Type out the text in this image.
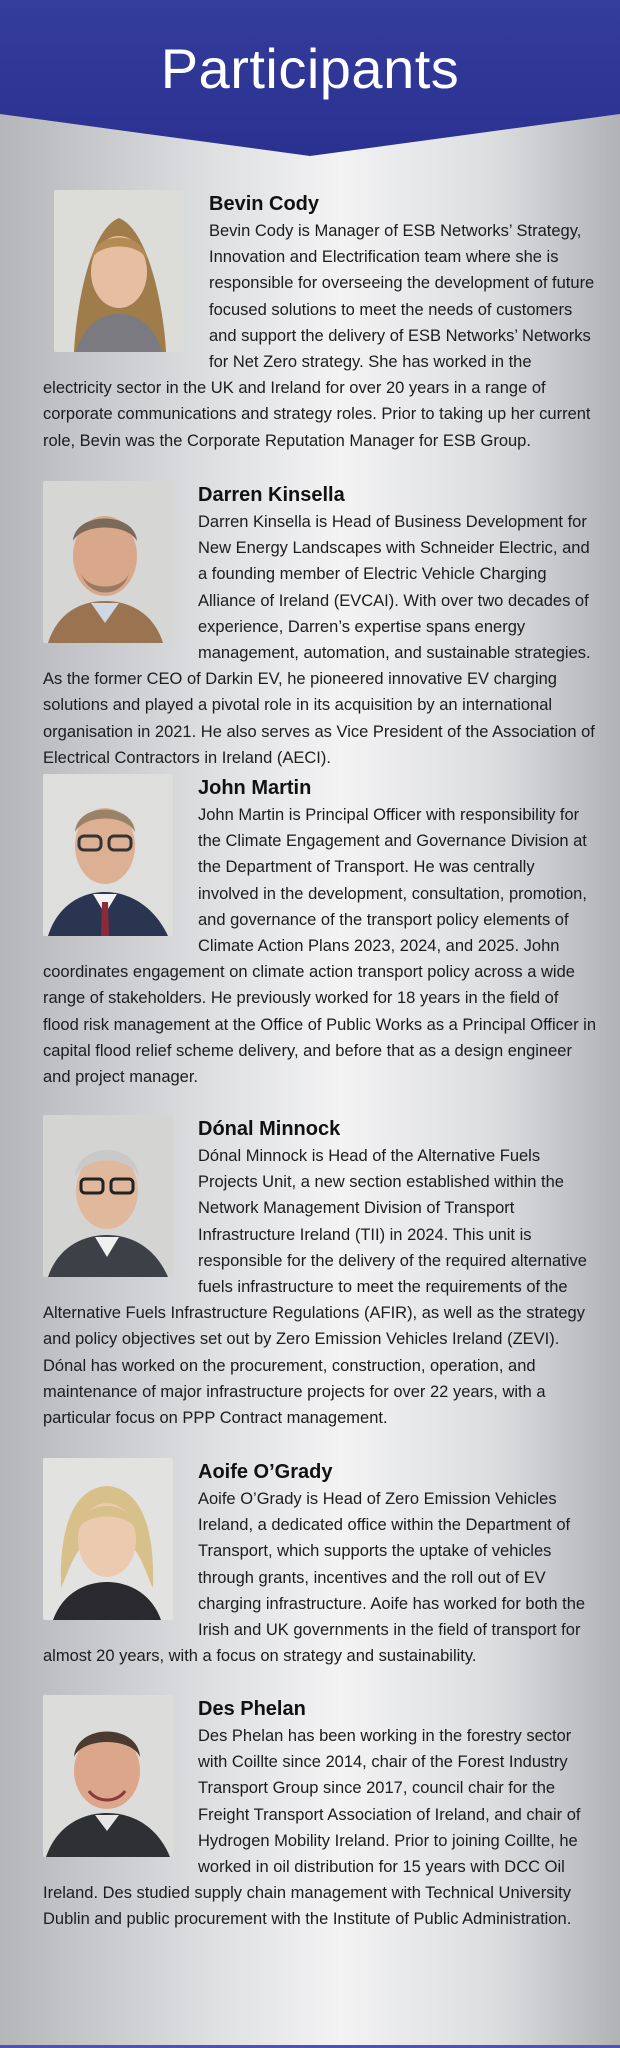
Participants
Bevin Cody
Bevin Cody is Manager of ESB Networks’ Strategy, Innovation and Electrification team where she is responsible for overseeing the development of future focused solutions to meet the needs of customers and support the delivery of ESB Networks’ Networks for Net Zero strategy. She has worked in the electricity sector in the UK and Ireland for over 20 years in a range of corporate communications and strategy roles. Prior to taking up her current role, Bevin was the Corporate Reputation Manager for ESB Group.
Darren Kinsella
Darren Kinsella is Head of Business Development for New Energy Landscapes with Schneider Electric, and a founding member of Electric Vehicle Charging Alliance of Ireland (EVCAI). With over two decades of experience, Darren’s expertise spans energy management, automation, and sustainable strategies. As the former CEO of Darkin EV, he pioneered innovative EV charging solutions and played a pivotal role in its acquisition by an international organisation in 2021. He also serves as Vice President of the Association of Electrical Contractors in Ireland (AECI).
John Martin
John Martin is Principal Officer with responsibility for the Climate Engagement and Governance Division at the Department of Transport. He was centrally involved in the development, consultation, promotion, and governance of the transport policy elements of Climate Action Plans 2023, 2024, and 2025. John coordinates engagement on climate action transport policy across a wide range of stakeholders. He previously worked for 18 years in the field of flood risk management at the Office of Public Works as a Principal Officer in capital flood relief scheme delivery, and before that as a design engineer and project manager.
Dónal Minnock
Dónal Minnock is Head of the Alternative Fuels Projects Unit, a new section established within the Network Management Division of Transport Infrastructure Ireland (TII) in 2024. This unit is responsible for the delivery of the required alternative fuels infrastructure to meet the requirements of the Alternative Fuels Infrastructure Regulations (AFIR), as well as the strategy and policy objectives set out by Zero Emission Vehicles Ireland (ZEVI). Dónal has worked on the procurement, construction, operation, and maintenance of major infrastructure projects for over 22 years, with a particular focus on PPP Contract management.
Aoife O’Grady
Aoife O’Grady is Head of Zero Emission Vehicles Ireland, a dedicated office within the Department of Transport, which supports the uptake of vehicles through grants, incentives and the roll out of EV charging infrastructure. Aoife has worked for both the Irish and UK governments in the field of transport for almost 20 years, with a focus on strategy and sustainability.
Des Phelan
Des Phelan has been working in the forestry sector with Coillte since 2014, chair of the Forest Industry Transport Group since 2017, council chair for the Freight Transport Association of Ireland, and chair of Hydrogen Mobility Ireland. Prior to joining Coillte, he worked in oil distribution for 15 years with DCC Oil Ireland. Des studied supply chain management with Technical University Dublin and public procurement with the Institute of Public Administration.
